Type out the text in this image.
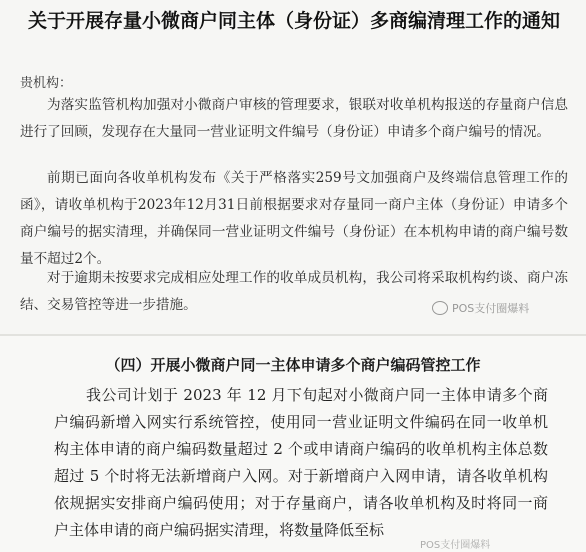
关于开展存量小微商户同主体（身份证）多商编清理工作的通知
贵机构：
为落实监管机构加强对小微商户审核的管理要求，银联对收单机构报送的存量商户信息进行了回顾，发现存在大量同一营业证明文件编号（身份证）申请多个商户编号的情况。
前期已面向各收单机构发布《关于严格落实259号文加强商户及终端信息管理工作的函》，请收单机构于2023年12月31日前根据要求对存量同一商户主体（身份证）申请多个商户编号的据实清理，并确保同一营业证明文件编号（身份证）在本机构申请的商户编号数量不超过2个。
对于逾期未按要求完成相应处理工作的收单成员机构，我公司将采取机构约谈、商户冻结、交易管控等进一步措施。	POS支付圈爆料
（四）开展小微商户同一主体申请多个商户编码管控工作
我公司计划于 2023 年 12 月下旬起对小微商户同一主体申请多个商户编码新增入网实行系统管控，使用同一营业证明文件编码在同一收单机构主体申请的商户编码数量超过 2 个或申请商户编码的收单机构主体总数超过 5 个时将无法新增商户入网。对于新增商户入网申请，请各收单机构依规据实安排商户编码使用；对于存量商户，请各收单机构及时将同一商户主体申请的商户编码据实清理，将数量降低至标
POS支付圈爆料
